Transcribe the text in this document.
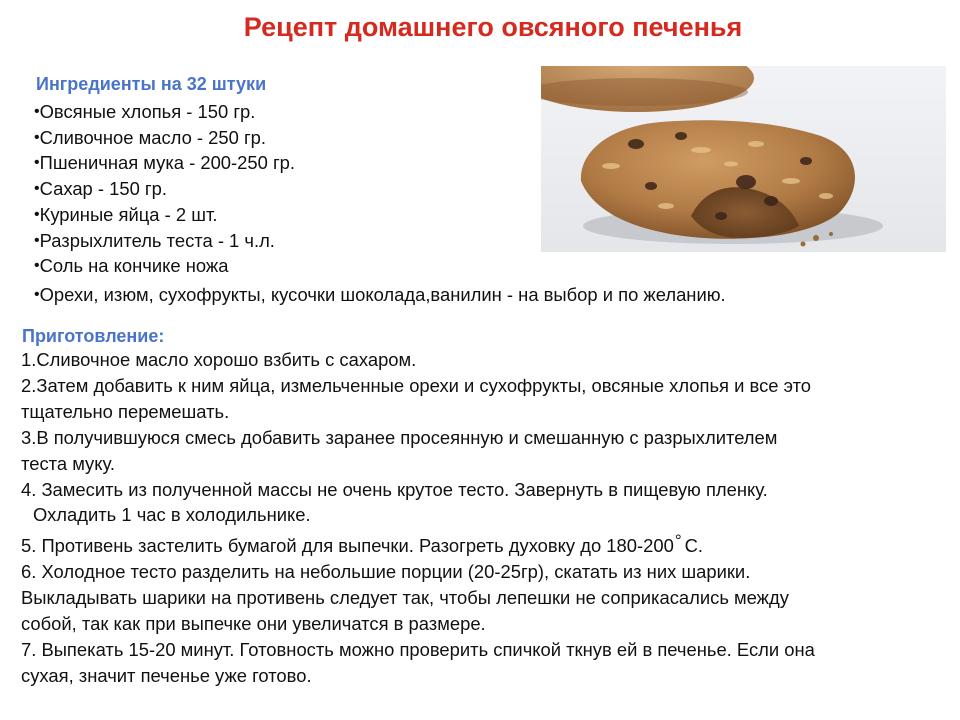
Рецепт домашнего овсяного печенья
Ингредиенты на 32 штуки
•Овсяные хлопья - 150 гр.
•Сливочное масло - 250 гр.
•Пшеничная мука - 200-250 гр.
•Сахар - 150 гр.
•Куриные яйца - 2 шт.
•Разрыхлитель теста - 1 ч.л.
•Соль на кончике ножа
•Орехи, изюм, сухофрукты, кусочки шоколада,ванилин - на выбор и по желанию.
Приготовление:
1.Сливочное масло хорошо взбить с сахаром.
2.Затем добавить к ним яйца, измельченные орехи и сухофрукты, овсяные хлопья и все это
тщательно перемешать.
3.В получившуюся смесь добавить заранее просеянную и смешанную с разрыхлителем
теста муку.
4. Замесить из полученной массы не очень крутое тесто. Завернуть в пищевую пленку.
Охладить 1 час в холодильнике.
5. Противень застелить бумагой для выпечки. Разогреть духовку до 180-200° С.
6. Холодное тесто разделить на небольшие порции (20-25гр), скатать из них шарики.
Выкладывать шарики на противень следует так, чтобы лепешки не соприкасались между
собой, так как при выпечке они увеличатся в размере.
7. Выпекать 15-20 минут. Готовность можно проверить спичкой ткнув ей в печенье. Если она
сухая, значит печенье уже готово.
